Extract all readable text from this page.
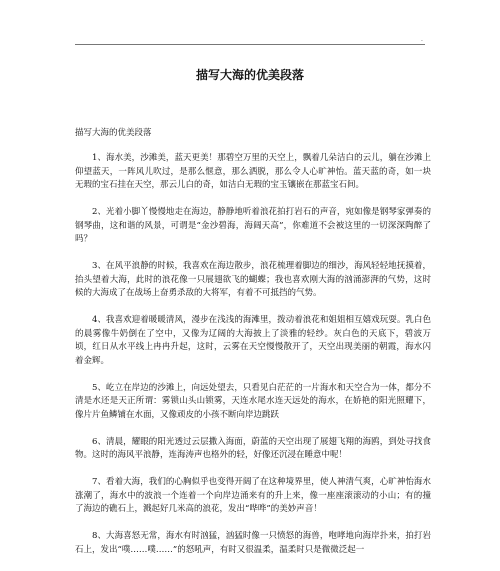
.
描写大海的优美段落
描写大海的优美段落

1、海水美，沙滩美，蓝天更美！那碧空万里的天空上，飘着几朵洁白的云儿，躺在沙滩上仰望蓝天，一阵风儿吹过，是那么惬意，那么洒脱，那么令人心旷神怡。蓝天蓝的奇，如一块无瑕的宝石挂在天空，那云儿白的奇，如洁白无瑕的宝玉镶嵌在那蓝宝石间。

2、光着小脚丫慢慢地走在海边，静静地听着浪花拍打岩石的声音，宛如像是钢琴家弹奏的钢琴曲，这和谐的风景，可谓是“金沙碧海，海阔天高”，你难道不会被这里的一切深深陶醉了吗？

3、在风平浪静的时候，我喜欢在海边散步，浪花梳理着脚边的细沙，海风轻轻地抚摸着，抬头望着大海，此时的浪花像一只展翅欲飞的蝴蝶；我也喜欢刚大海的汹涌澎湃的气势，这时候的大海成了在战场上奋勇杀敌的大将军，有着不可抵挡的气势。

4、我喜欢迎着暖暖清风，漫步在浅浅的海滩里，拨动着浪花和姐姐相互嬉戏玩耍。乳白色的晨雾像牛奶倒在了空中，又像为辽阔的大海披上了淡雅的轻纱。灰白色的天底下，碧波万顷，红日从水平线上冉冉升起，这时，云雾在天空慢慢散开了，天空出现美丽的朝霞，海水闪着金辉。

5、屹立在岸边的沙滩上，向远处望去，只看见白茫茫的一片海水和天空合为一体，都分不清是水还是天正所谓：雾锁山头山锁雾，天连水尾水连天远处的海水，在娇艳的阳光照耀下，像片片鱼鳞铺在水面，又像顽皮的小孩不断向岸边跳跃

6、清晨，耀眼的阳光透过云层撒入海面，蔚蓝的天空出现了展翅飞翔的海鸥，到处寻找食物。这时的海风平浪静，连海涛声也格外的轻，好像还沉浸在睡意中呢！

7、看着大海，我们的心胸似乎也变得开阔了在这种境界里，使人神清气爽，心旷神怡海水涨潮了，海水中的波浪一个连着一个向岸边涌来有的升上来，像一座座滚滚动的小山；有的撞了海边的礁石上，溅起好几米高的浪花，发出“哗哗”的美妙声音！

8、大海喜怒无常，海水有时汹猛，汹猛时像一只愤怒的海兽，咆哮地向海岸扑来，拍打岩石上，发出“噗……噗……”的怒吼声，有时又很温柔，温柔时只是微微泛起一
